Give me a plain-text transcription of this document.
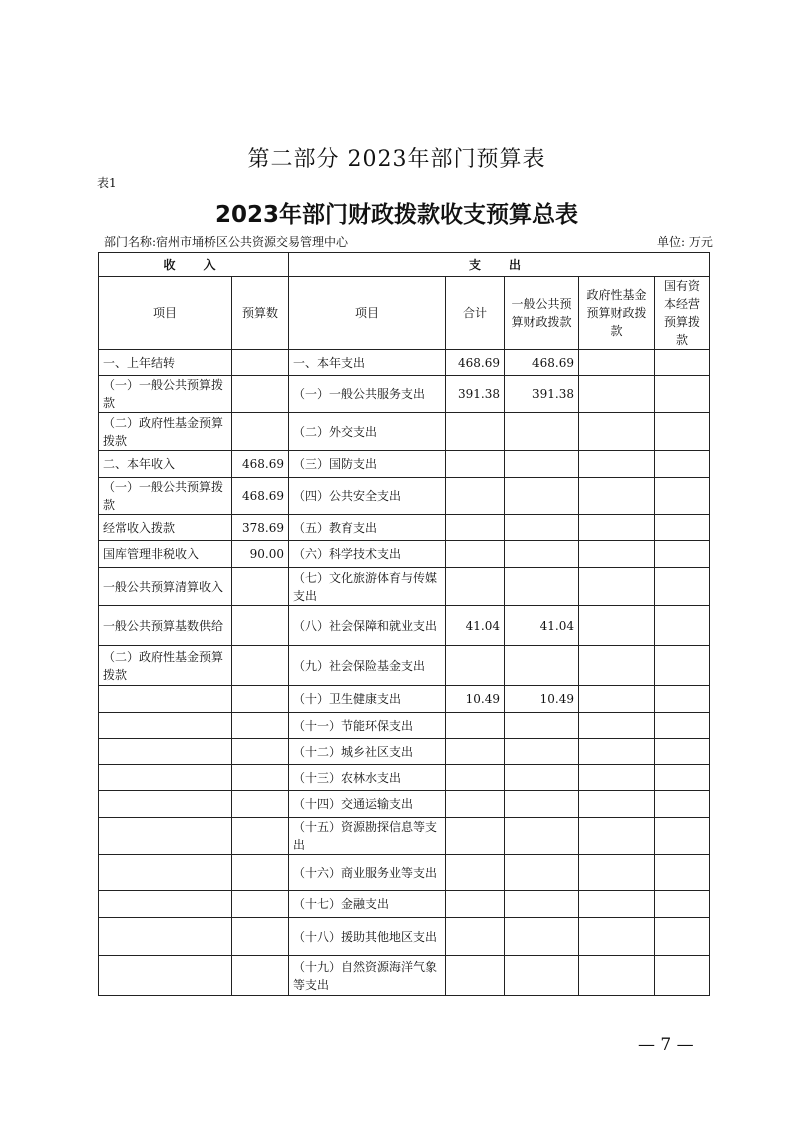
第二部分 2023年部门预算表
表1
2023年部门财政拨款收支预算总表
部门名称:宿州市埇桥区公共资源交易管理中心	单位: 万元
收　入		支　出				
项目	预算数	项目	合计	一般公共预算财政拨款	政府性基金预算财政拨款	国有资本经营预算拨款
一、上年结转		一、本年支出	468.69	468.69		
（一）一般公共预算拨款		（一）一般公共服务支出	391.38	391.38		
（二）政府性基金预算拨款		（二）外交支出				
二、本年收入	468.69	（三）国防支出				
（一）一般公共预算拨款	468.69	（四）公共安全支出				
经常收入拨款	378.69	（五）教育支出				
国库管理非税收入	90.00	（六）科学技术支出				
一般公共预算清算收入		（七）文化旅游体育与传媒支出				
一般公共预算基数供给		（八）社会保障和就业支出	41.04	41.04		
（二）政府性基金预算拨款		（九）社会保险基金支出				
		（十）卫生健康支出	10.49	10.49		
		（十一）节能环保支出				
		（十二）城乡社区支出				
		（十三）农林水支出				
		（十四）交通运输支出				
		（十五）资源勘探信息等支出				
		（十六）商业服务业等支出				
		（十七）金融支出				
		（十八）援助其他地区支出				
		（十九）自然资源海洋气象等支出				
— 7 —
